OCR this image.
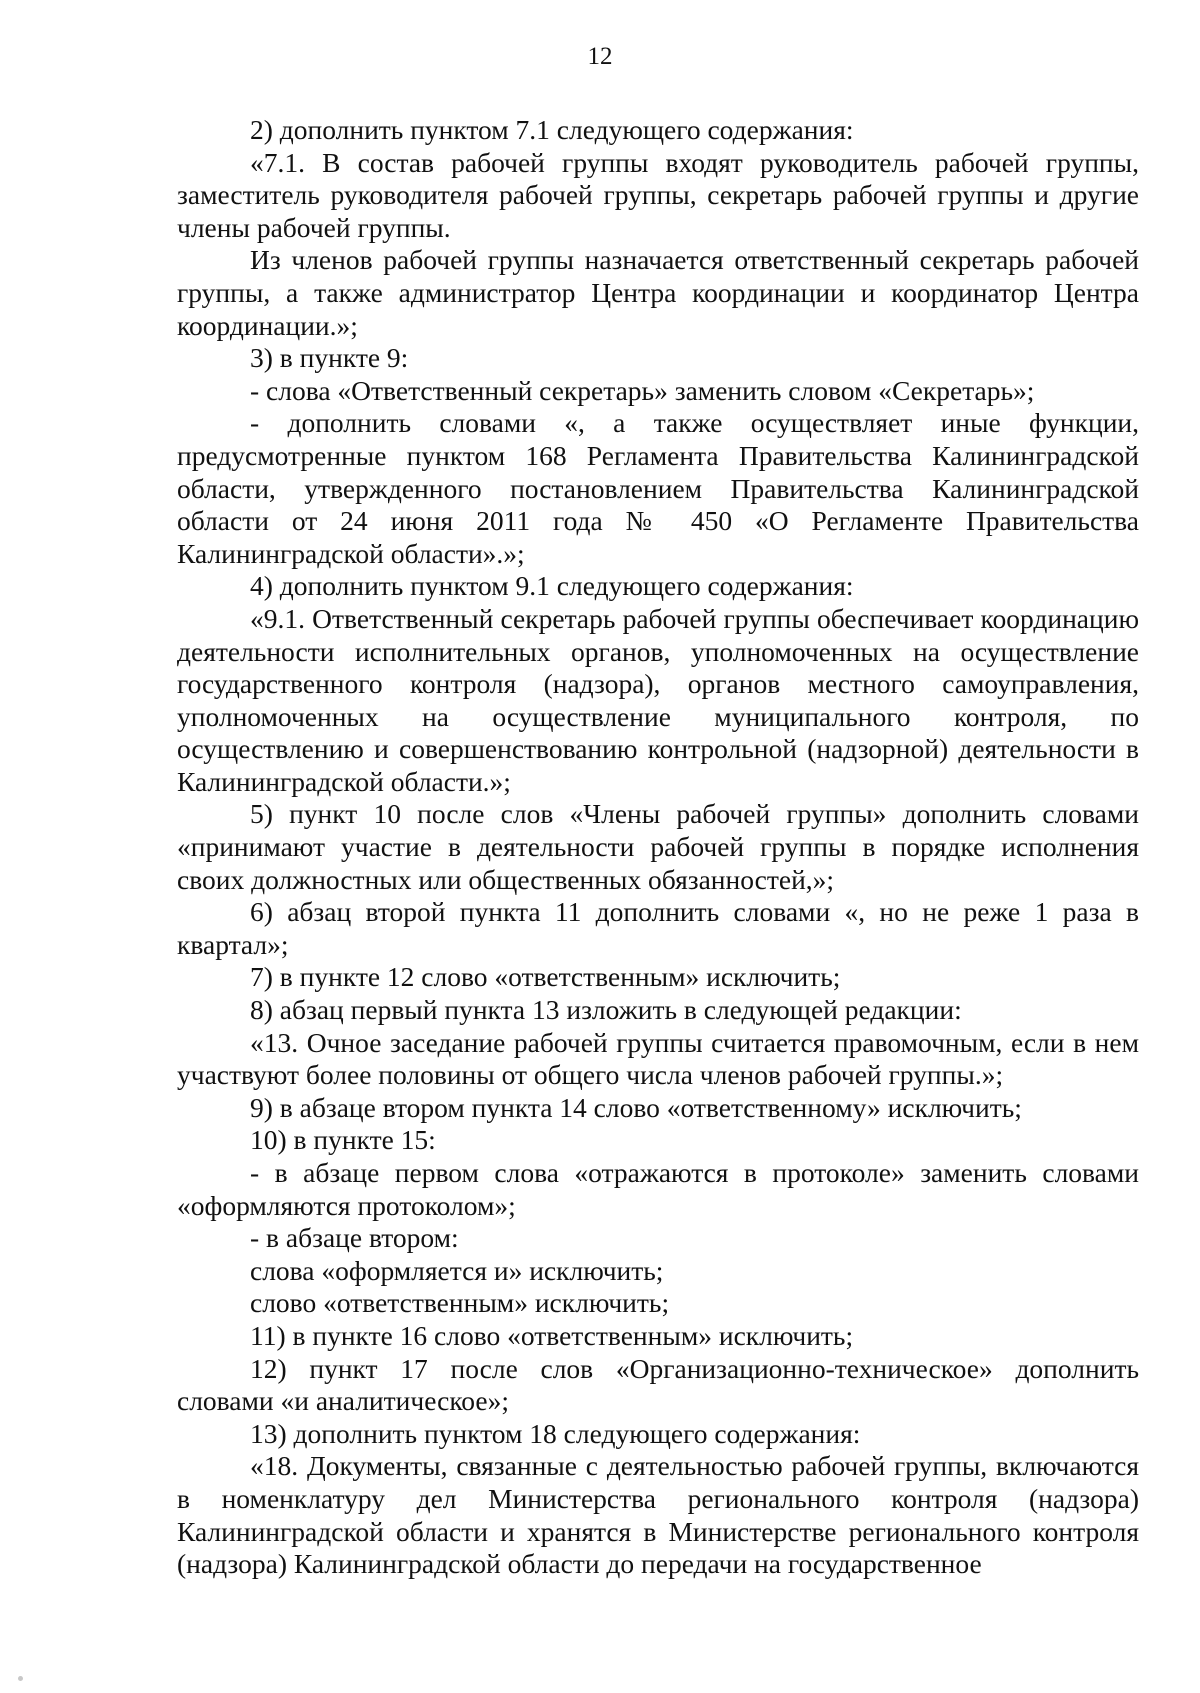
12

2) дополнить пунктом 7.1 следующего содержания:

«7.1. В состав рабочей группы входят руководитель рабочей группы, заместитель руководителя рабочей группы, секретарь рабочей группы и другие члены рабочей группы.

Из членов рабочей группы назначается ответственный секретарь рабочей группы, а также администратор Центра координации и координатор Центра координации.»;

3) в пункте 9:

- слова «Ответственный секретарь» заменить словом «Секретарь»;

- дополнить словами «, а также осуществляет иные функции, предусмотренные пунктом 168 Регламента Правительства Калининградской области, утвержденного постановлением Правительства Калининградской области от 24 июня 2011 года № 450 «О Регламенте Правительства Калининградской области».»;

4) дополнить пунктом 9.1 следующего содержания:

«9.1. Ответственный секретарь рабочей группы обеспечивает координацию деятельности исполнительных органов, уполномоченных на осуществление государственного контроля (надзора), органов местного самоуправления, уполномоченных на осуществление муниципального контроля, по осуществлению и совершенствованию контрольной (надзорной) деятельности в Калининградской области.»;

5) пункт 10 после слов «Члены рабочей группы» дополнить словами «принимают участие в деятельности рабочей группы в порядке исполнения своих должностных или общественных обязанностей,»;

6) абзац второй пункта 11 дополнить словами «, но не реже 1 раза в квартал»;

7) в пункте 12 слово «ответственным» исключить;

8) абзац первый пункта 13 изложить в следующей редакции:

«13. Очное заседание рабочей группы считается правомочным, если в нем участвуют более половины от общего числа членов рабочей группы.»;

9) в абзаце втором пункта 14 слово «ответственному» исключить;

10) в пункте 15:

- в абзаце первом слова «отражаются в протоколе» заменить словами «оформляются протоколом»;

- в абзаце втором:

слова «оформляется и» исключить;

слово «ответственным» исключить;

11) в пункте 16 слово «ответственным» исключить;

12) пункт 17 после слов «Организационно-техническое» дополнить словами «и аналитическое»;

13) дополнить пунктом 18 следующего содержания:

«18. Документы, связанные с деятельностью рабочей группы, включаются в номенклатуру дел Министерства регионального контроля (надзора) Калининградской области и хранятся в Министерстве регионального контроля (надзора) Калининградской области до передачи на государственное
